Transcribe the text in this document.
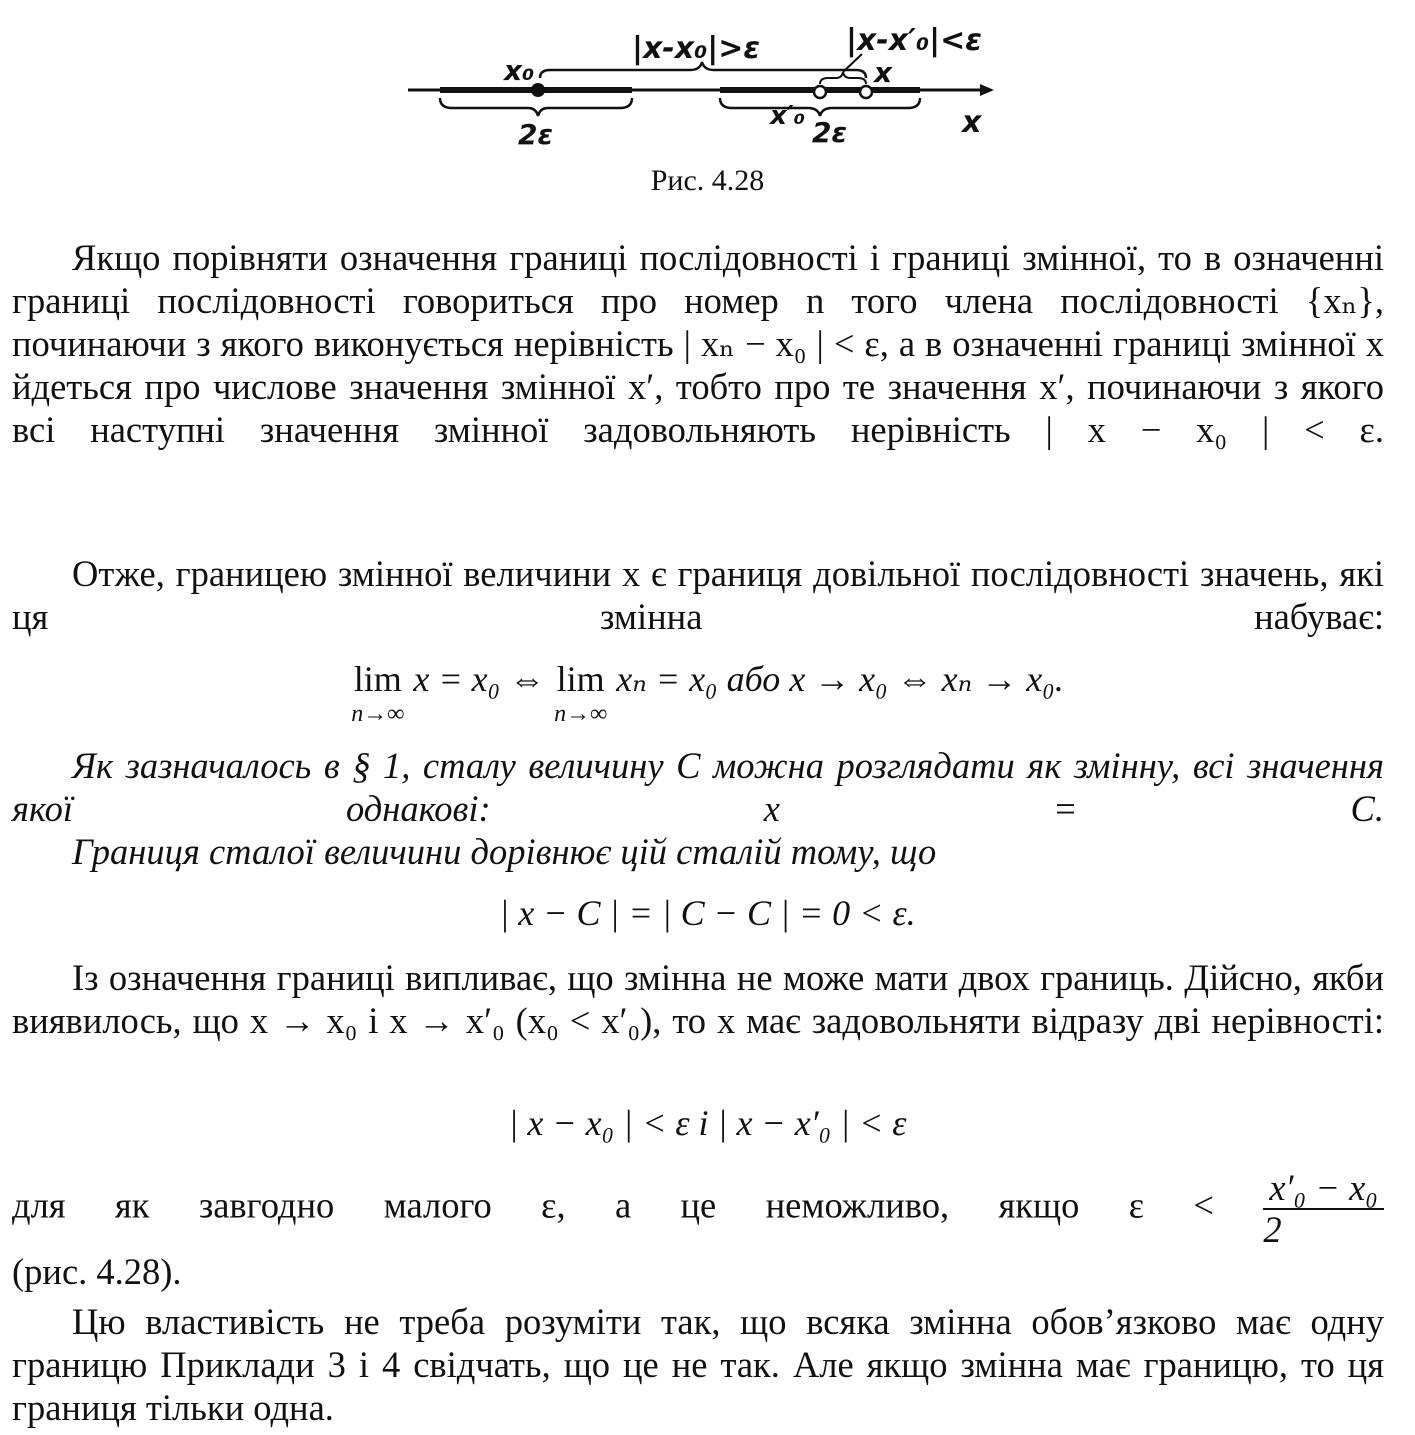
|x-x₀|>ε	|x-x′₀|<ε
x₀	x
x′₀
2ε	2ε	x
Рис. 4.28

Якщо порівняти означення границі послідовності і границі змінної, то в означенні границі послідовності говориться про номер n того члена послідовності {xₙ}, починаючи з якого виконується нерівність | xₙ − x₀ | < ε, а в означенні границі змінної x йдеться про числове значення змінної x′, тобто про те значення x′, починаючи з якого всі наступні значення змінної задовольняють нерівність | x − x₀ | < ε.

Отже, границею змінної величини x є границя довільної послідовності значень, які ця змінна набуває:

lim
n→∞
x = x₀ ⇔ lim
n→∞
xₙ = x₀ або x → x₀ ⇔ xₙ → x₀.

Як зазначалось в § 1, сталу величину C можна розглядати як змінну, всі значення якої однакові: x = C.

Границя сталої величини дорівнює цій сталій тому, що

| x − C | = | C − C | = 0 < ε.

Із означення границі випливає, що змінна не може мати двох границь. Дійсно, якби виявилось, що x → x₀ і x → x′₀ (x₀ < x′₀), то x має задовольняти відразу дві нерівності:

| x − x₀ | < ε і | x − x′₀ | < ε

для як завгодно малого ε, а це неможливо, якщо $\varepsilon < \frac{\text{x′₀ − x₀}}{2}$

(рис. 4.28).

Цю властивість не треба розуміти так, що всяка змінна обов’язково має одну границю Приклади 3 і 4 свідчать, що це не так. Але якщо змінна має границю, то ця границя тільки одна.
